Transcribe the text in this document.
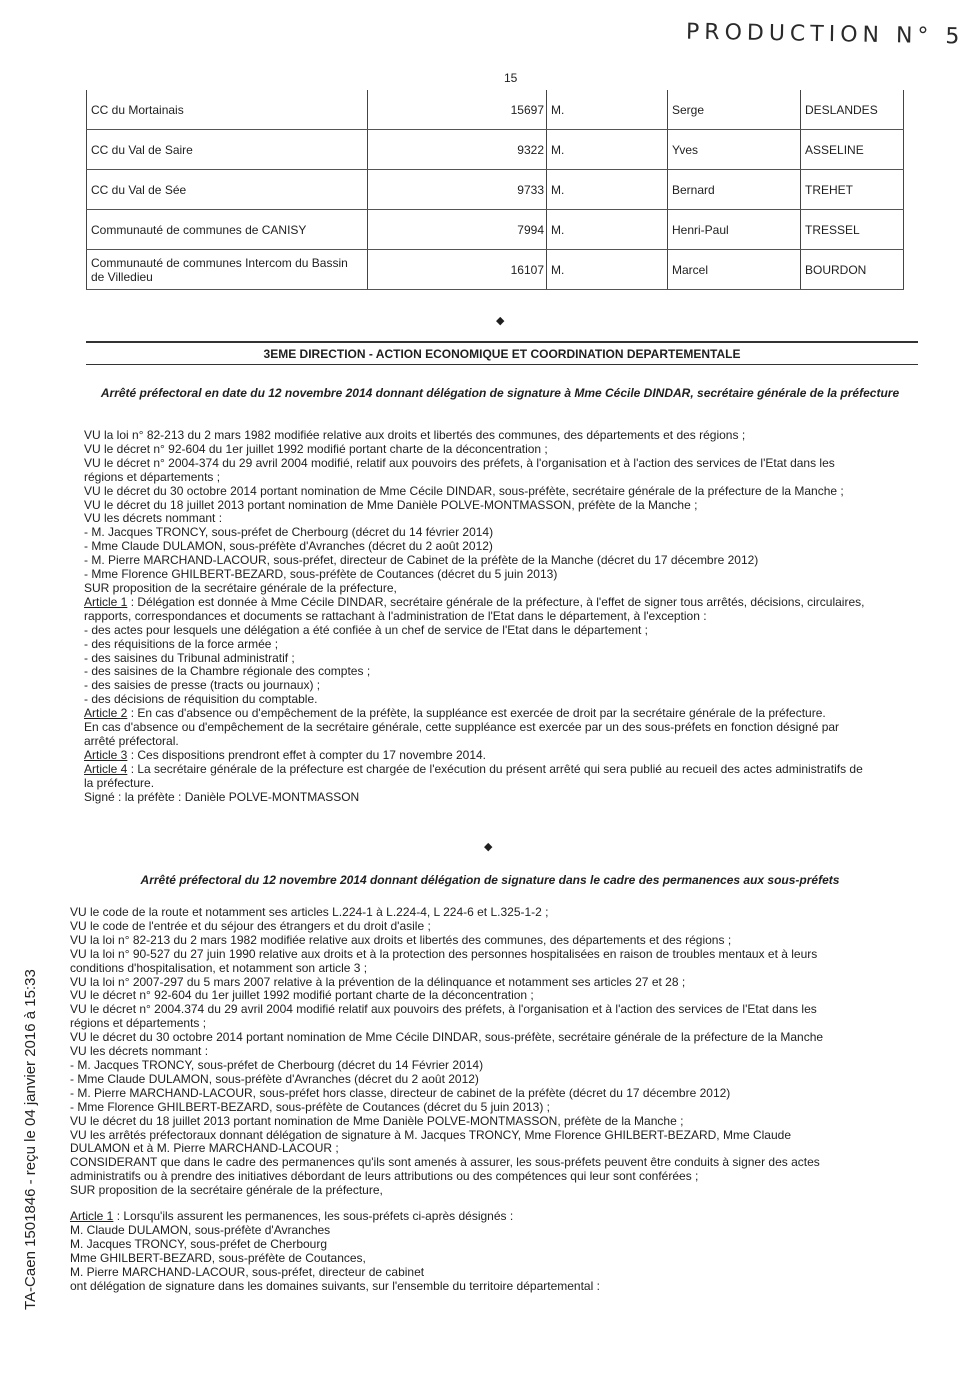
PRODUCTION N° 5
15
TA-Caen 1501846 - reçu le 04 janvier 2016 à 15:33
CC du Mortainais	15697	M.	Serge	DESLANDES
CC du Val de Saire	9322	M.	Yves	ASSELINE
CC du Val de Sée	9733	M.	Bernard	TREHET
Communauté de communes de CANISY	7994	M.	Henri-Paul	TRESSEL
Communauté de communes Intercom du Bassin de Villedieu	16107	M.	Marcel	BOURDON
◆
3EME DIRECTION - ACTION ECONOMIQUE ET COORDINATION DEPARTEMENTALE
Arrêté préfectoral en date du 12 novembre 2014 donnant délégation de signature à Mme Cécile DINDAR, secrétaire générale de la préfecture
VU la loi n° 82-213 du 2 mars 1982 modifiée relative aux droits et libertés des communes, des départements et des régions ;
VU le décret n° 92-604 du 1er juillet 1992 modifié portant charte de la déconcentration ;
VU le décret n° 2004-374 du 29 avril 2004 modifié, relatif aux pouvoirs des préfets, à l'organisation et à l'action des services de l'Etat dans les
régions et départements ;
VU le décret du 30 octobre 2014 portant nomination de Mme Cécile DINDAR, sous-préfète, secrétaire générale de la préfecture de la Manche ;
VU le décret du 18 juillet 2013 portant nomination de Mme Danièle POLVE-MONTMASSON, préfète de la Manche ;
VU les décrets nommant :
- M. Jacques TRONCY, sous-préfet de Cherbourg (décret du 14 février 2014)
- Mme Claude DULAMON, sous-préfète d'Avranches (décret du 2 août 2012)
- M. Pierre MARCHAND-LACOUR, sous-préfet, directeur de Cabinet de la préfète de la Manche (décret du 17 décembre 2012)
- Mme Florence GHILBERT-BEZARD, sous-préfète de Coutances (décret du 5 juin 2013)
SUR proposition de la secrétaire générale de la préfecture,
Article 1 : Délégation est donnée à Mme Cécile DINDAR, secrétaire générale de la préfecture, à l'effet de signer tous arrêtés, décisions, circulaires,
rapports, correspondances et documents se rattachant à l'administration de l'Etat dans le département, à l'exception :
- des actes pour lesquels une délégation a été confiée à un chef de service de l'Etat dans le département ;
- des réquisitions de la force armée ;
- des saisines du Tribunal administratif ;
- des saisines de la Chambre régionale des comptes ;
- des saisies de presse (tracts ou journaux) ;
- des décisions de réquisition du comptable.
Article 2 : En cas d'absence ou d'empêchement de la préfète, la suppléance est exercée de droit par la secrétaire générale de la préfecture.
En cas d'absence ou d'empêchement de la secrétaire générale, cette suppléance est exercée par un des sous-préfets en fonction désigné par
arrêté préfectoral.
Article 3 : Ces dispositions prendront effet à compter du 17 novembre 2014.
Article 4 : La secrétaire générale de la préfecture est chargée de l'exécution du présent arrêté qui sera publié au recueil des actes administratifs de
la préfecture.
Signé : la préfète : Danièle POLVE-MONTMASSON
◆
Arrêté préfectoral du 12 novembre 2014 donnant délégation de signature dans le cadre des permanences aux sous-préfets
VU le code de la route et notamment ses articles L.224-1 à L.224-4, L 224-6 et L.325-1-2 ;
VU le code de l'entrée et du séjour des étrangers et du droit d'asile ;
VU la loi n° 82-213 du 2 mars 1982 modifiée relative aux droits et libertés des communes, des départements et des régions ;
VU la loi n° 90-527 du 27 juin 1990 relative aux droits et à la protection des personnes hospitalisées en raison de troubles mentaux et à leurs
conditions d'hospitalisation, et notamment son article 3 ;
VU la loi n° 2007-297 du 5 mars 2007 relative à la prévention de la délinquance et notamment ses articles 27 et 28 ;
VU le décret n° 92-604 du 1er juillet 1992 modifié portant charte de la déconcentration ;
VU le décret n° 2004.374 du 29 avril 2004 modifié relatif aux pouvoirs des préfets, à l'organisation et à l'action des services de l'Etat dans les
régions et départements ;
VU le décret du 30 octobre 2014 portant nomination de Mme Cécile DINDAR, sous-préfète, secrétaire générale de la préfecture de la Manche
VU les décrets nommant :
- M. Jacques TRONCY, sous-préfet de Cherbourg (décret du 14 Février 2014)
- Mme Claude DULAMON, sous-préfète d'Avranches (décret du 2 août 2012)
- M. Pierre MARCHAND-LACOUR, sous-préfet hors classe, directeur de cabinet de la préfète (décret du 17 décembre 2012)
- Mme Florence GHILBERT-BEZARD, sous-préfète de Coutances (décret du 5 juin 2013) ;
VU le décret du 18 juillet 2013 portant nomination de Mme Danièle POLVE-MONTMASSON, préfète de la Manche ;
VU les arrêtés préfectoraux donnant délégation de signature à M. Jacques TRONCY, Mme Florence GHILBERT-BEZARD, Mme Claude
DULAMON et à M. Pierre MARCHAND-LACOUR ;
CONSIDERANT que dans le cadre des permanences qu'ils sont amenés à assurer, les sous-préfets peuvent être conduits à signer des actes
administratifs ou à prendre des initiatives débordant de leurs attributions ou des compétences qui leur sont conférées ;
SUR proposition de la secrétaire générale de la préfecture,
Article 1 : Lorsqu'ils assurent les permanences, les sous-préfets ci-après désignés :
M. Claude DULAMON, sous-préfète d'Avranches
M. Jacques TRONCY, sous-préfet de Cherbourg
Mme GHILBERT-BEZARD, sous-préfète de Coutances,
M. Pierre MARCHAND-LACOUR, sous-préfet, directeur de cabinet
ont délégation de signature dans les domaines suivants, sur l'ensemble du territoire départemental :
